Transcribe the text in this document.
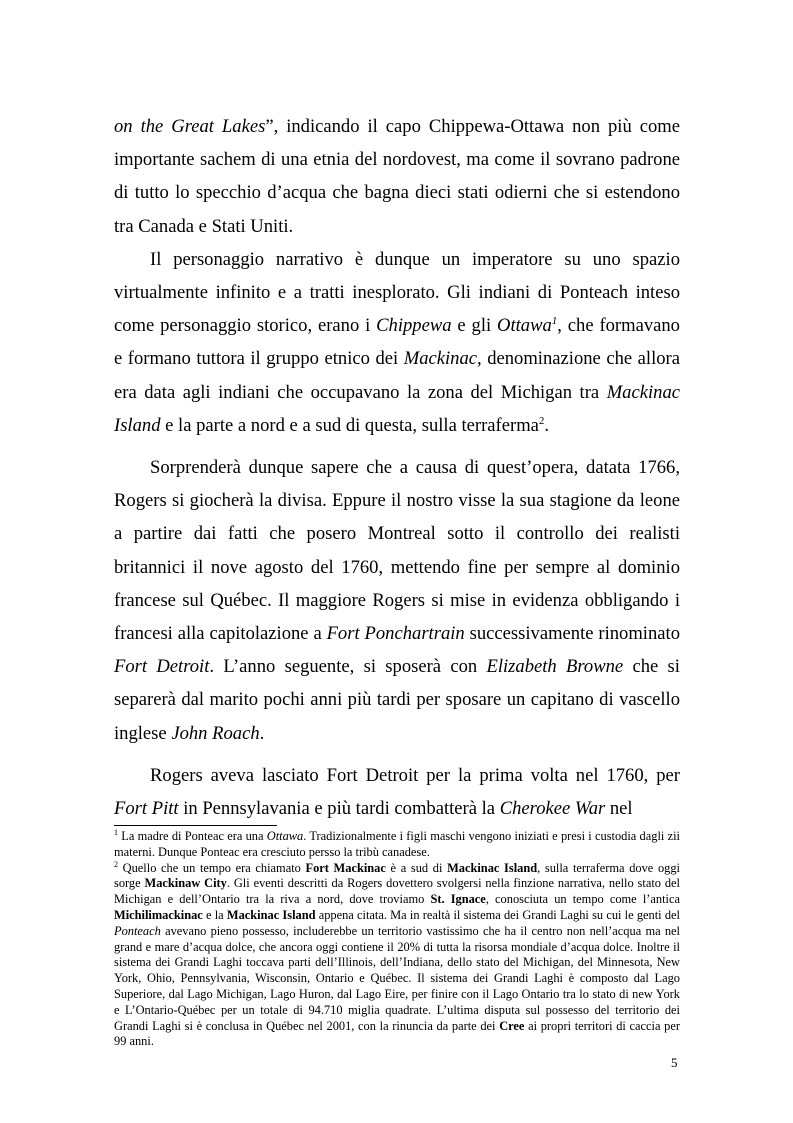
on the Great Lakes”, indicando il capo Chippewa-Ottawa non più come importante sachem di una etnia del nordovest, ma come il sovrano padrone di tutto lo specchio d’acqua che bagna dieci stati odierni che si estendono tra Canada e Stati Uniti.

Il personaggio narrativo è dunque un imperatore su uno spazio virtualmente infinito e a tratti inesplorato. Gli indiani di Ponteach inteso come personaggio storico, erano i Chippewa e gli Ottawa$^1$, che formavano e formano tuttora il gruppo etnico dei Mackinac, denominazione che allora era data agli indiani che occupavano la zona del Michigan tra Mackinac Island e la parte a nord e a sud di questa, sulla terraferma$^2$.

Sorprenderà dunque sapere che a causa di quest’opera, datata 1766, Rogers si giocherà la divisa. Eppure il nostro visse la sua stagione da leone a partire dai fatti che posero Montreal sotto il controllo dei realisti britannici il nove agosto del 1760, mettendo fine per sempre al dominio francese sul Québec. Il maggiore Rogers si mise in evidenza obbligando i francesi alla capitolazione a Fort Ponchartrain successivamente rinominato Fort Detroit. L’anno seguente, si sposerà con Elizabeth Browne che si separerà dal marito pochi anni più tardi per sposare un capitano di vascello inglese John Roach.

Rogers aveva lasciato Fort Detroit per la prima volta nel 1760, per Fort Pitt in Pennsylavania e più tardi combatterà la Cherokee War nel

$^1$ La madre di Ponteac era una Ottawa. Tradizionalmente i figli maschi vengono iniziati e presi i custodia dagli zii materni. Dunque Ponteac era cresciuto persso la tribù canadese.

$^2$ Quello che un tempo era chiamato Fort Mackinac è a sud di Mackinac Island, sulla terraferma dove oggi sorge Mackinaw City. Gli eventi descritti da Rogers dovettero svolgersi nella finzione narrativa, nello stato del Michigan e dell’Ontario tra la riva a nord, dove troviamo St. Ignace, conosciuta un tempo come l’antica Michilimackinac e la Mackinac Island appena citata. Ma in realtà il sistema dei Grandi Laghi su cui le genti del Ponteach avevano pieno possesso, includerebbe un territorio vastissimo che ha il centro non nell’acqua ma nel grand e mare d’acqua dolce, che ancora oggi contiene il 20% di tutta la risorsa mondiale d’acqua dolce. Inoltre il sistema dei Grandi Laghi toccava parti dell’Illinois, dell’Indiana, dello stato del Michigan, del Minnesota, New York, Ohio, Pennsylvania, Wisconsin, Ontario e Québec. Il sistema dei Grandi Laghi è composto dal Lago Superiore, dal Lago Michigan, Lago Huron, dal Lago Eire, per finire con il Lago Ontario tra lo stato di new York e L’Ontario-Québec per un totale di 94.710 miglia quadrate. L’ultima disputa sul possesso del territorio dei Grandi Laghi si è conclusa in Québec nel 2001, con la rinuncia da parte dei Cree ai propri territori di caccia per 99 anni.

5
